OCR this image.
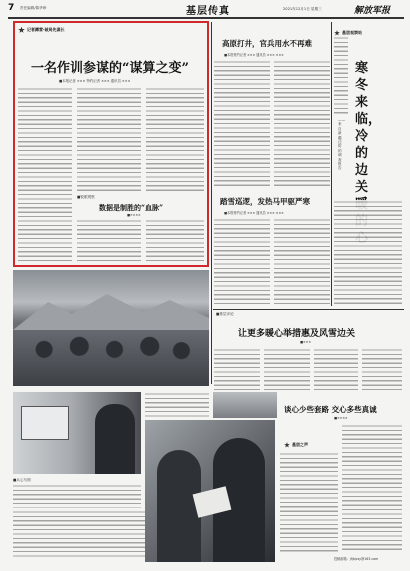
7 责任编辑/陈华珍	基层传真	2021年12月1日 星期三	解放军报
记者蹲营·破局先谋长
一名作训参谋的“谋算之变”
■本报记者 ××× 特约记者 ××× 通讯员 ×××
■锐眼观察
数据是制胜的“血脉”
■××××
■兵心写照
高原打井，官兵用水不再难
■本报特约记者 ××× 通讯员 ××× ×××
踏雪巡逻，发热马甲驱严寒
■本报特约记者 ××× 通讯员 ××× ×××
基层观察站
寒冬来临，冷的边关
——来自新疆边防的调查报告
■基层评论
让更多暖心举措惠及风雪边关
■×××
谈心少些套路 交心多些真诚
■××××
基层之声
投稿邮箱：jfjbjczy@163.com
